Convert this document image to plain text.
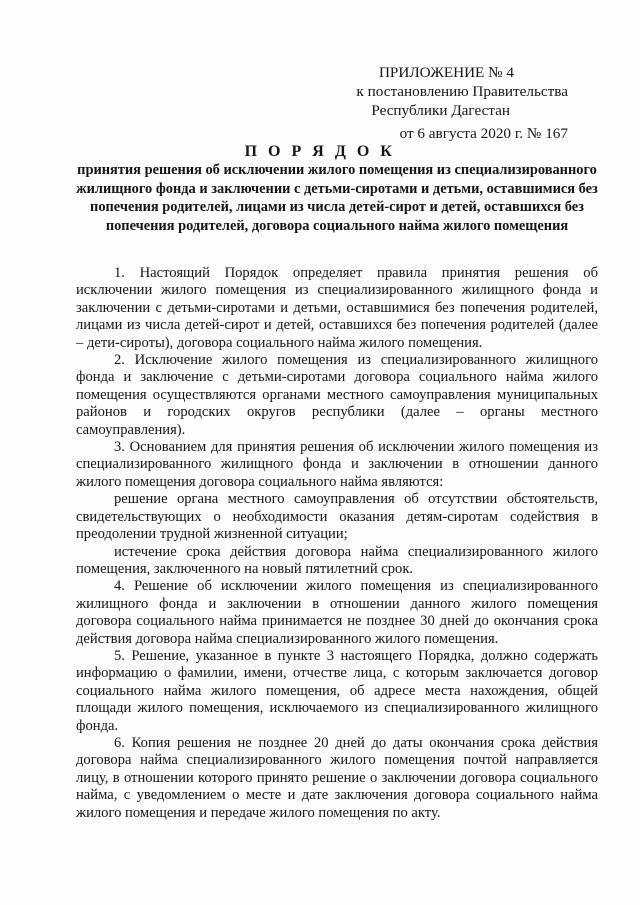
ПРИЛОЖЕНИЕ № 4
к постановлению Правительства
Республики Дагестан
от 6 августа 2020 г. № 167
П О Р Я Д О К
принятия решения об исключении жилого помещения из специализированного жилищного фонда и заключении с детьми-сиротами и детьми, оставшимися без попечения родителей, лицами из числа детей-сирот и детей, оставшихся без попечения родителей, договора социального найма жилого помещения

1. Настоящий Порядок определяет правила принятия решения об исключении жилого помещения из специализированного жилищного фонда и заключении с детьми-сиротами и детьми, оставшимися без попечения родителей, лицами из числа детей-сирот и детей, оставшихся без попечения родителей (далее – дети-сироты), договора социального найма жилого помещения.

2. Исключение жилого помещения из специализированного жилищного фонда и заключение с детьми-сиротами договора социального найма жилого помещения осуществляются органами местного самоуправления муниципальных районов и городских округов республики (далее – органы местного самоуправления).

3. Основанием для принятия решения об исключении жилого помещения из специализированного жилищного фонда и заключении в отношении данного жилого помещения договора социального найма являются:

решение органа местного самоуправления об отсутствии обстоятельств, свидетельствующих о необходимости оказания детям-сиротам содействия в преодолении трудной жизненной ситуации;

истечение срока действия договора найма специализированного жилого помещения, заключенного на новый пятилетний срок.

4. Решение об исключении жилого помещения из специализированного жилищного фонда и заключении в отношении данного жилого помещения договора социального найма принимается не позднее 30 дней до окончания срока действия договора найма специализированного жилого помещения.

5. Решение, указанное в пункте 3 настоящего Порядка, должно содержать информацию о фамилии, имени, отчестве лица, с которым заключается договор социального найма жилого помещения, об адресе места нахождения, общей площади жилого помещения, исключаемого из специализированного жилищного фонда.

6. Копия решения не позднее 20 дней до даты окончания срока действия договора найма специализированного жилого помещения почтой направляется лицу, в отношении которого принято решение о заключении договора социального найма, с уведомлением о месте и дате заключения договора социального найма жилого помещения и передаче жилого помещения по акту.
